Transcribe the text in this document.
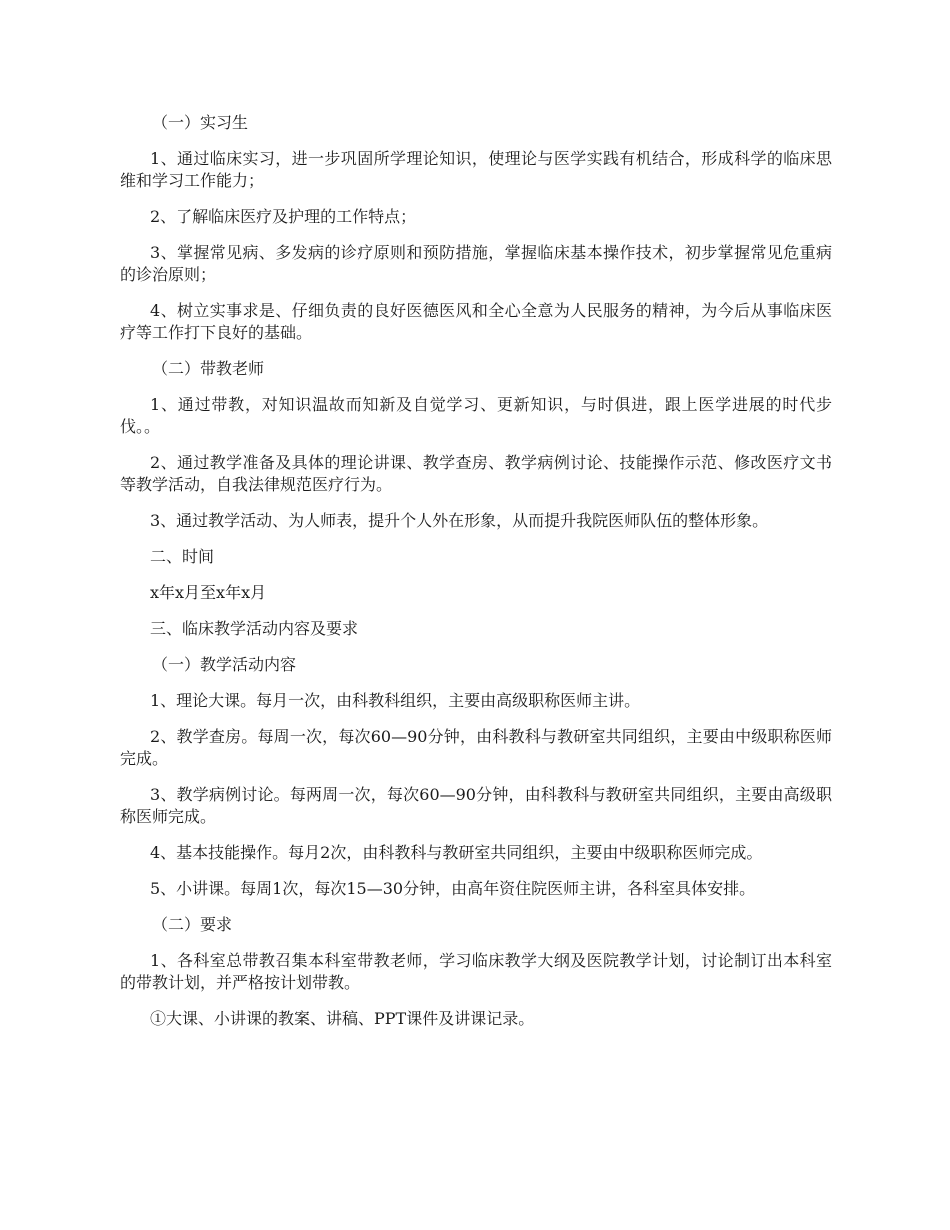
（一）实习生

1、通过临床实习，进一步巩固所学理论知识，使理论与医学实践有机结合，形成科学的临床思维和学习工作能力；

2、了解临床医疗及护理的工作特点；

3、掌握常见病、多发病的诊疗原则和预防措施，掌握临床基本操作技术，初步掌握常见危重病的诊治原则；

4、树立实事求是、仔细负责的良好医德医风和全心全意为人民服务的精神，为今后从事临床医疗等工作打下良好的基础。

（二）带教老师

1、通过带教，对知识温故而知新及自觉学习、更新知识，与时俱进，跟上医学进展的时代步伐。。

2、通过教学准备及具体的理论讲课、教学查房、教学病例讨论、技能操作示范、修改医疗文书等教学活动，自我法律规范医疗行为。

3、通过教学活动、为人师表，提升个人外在形象，从而提升我院医师队伍的整体形象。

二、时间

x年x月至x年x月

三、临床教学活动内容及要求

（一）教学活动内容

1、理论大课。每月一次，由科教科组织，主要由高级职称医师主讲。

2、教学查房。每周一次，每次60—90分钟，由科教科与教研室共同组织，主要由中级职称医师完成。

3、教学病例讨论。每两周一次，每次60—90分钟，由科教科与教研室共同组织，主要由高级职称医师完成。

4、基本技能操作。每月2次，由科教科与教研室共同组织，主要由中级职称医师完成。

5、小讲课。每周1次，每次15—30分钟，由高年资住院医师主讲，各科室具体安排。

（二）要求

1、各科室总带教召集本科室带教老师，学习临床教学大纲及医院教学计划，讨论制订出本科室的带教计划，并严格按计划带教。

①大课、小讲课的教案、讲稿、PPT课件及讲课记录。
